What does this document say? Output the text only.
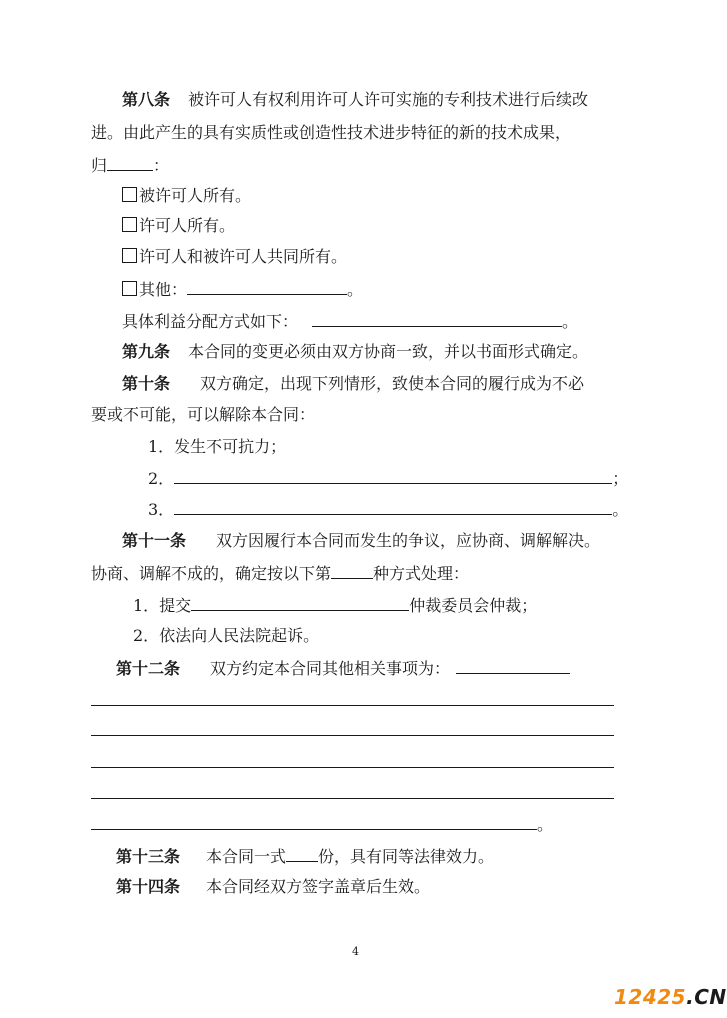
第八条 被许可人有权利用许可人许可实施的专利技术进行后续改
进。由此产生的具有实质性或创造性技术进步特征的新的技术成果，
归	：
被许可人所有。
许可人所有。
许可人和被许可人共同所有。
其他：	。
具体利益分配方式如下：	。
第九条 本合同的变更必须由双方协商一致，并以书面形式确定。
第十条 双方确定，出现下列情形，致使本合同的履行成为不必
要或不可能，可以解除本合同：
1．发生不可抗力；
2．	；
3．	。
第十一条 双方因履行本合同而发生的争议，应协商、调解解决。
协商、调解不成的，确定按以下第	种方式处理：
1．提交	仲裁委员会仲裁；
2．依法向人民法院起诉。
第十二条 双方约定本合同其他相关事项为：
。
第十三条 本合同一式 份，具有同等法律效力。
第十四条 本合同经双方签字盖章后生效。
4
12425.CN
